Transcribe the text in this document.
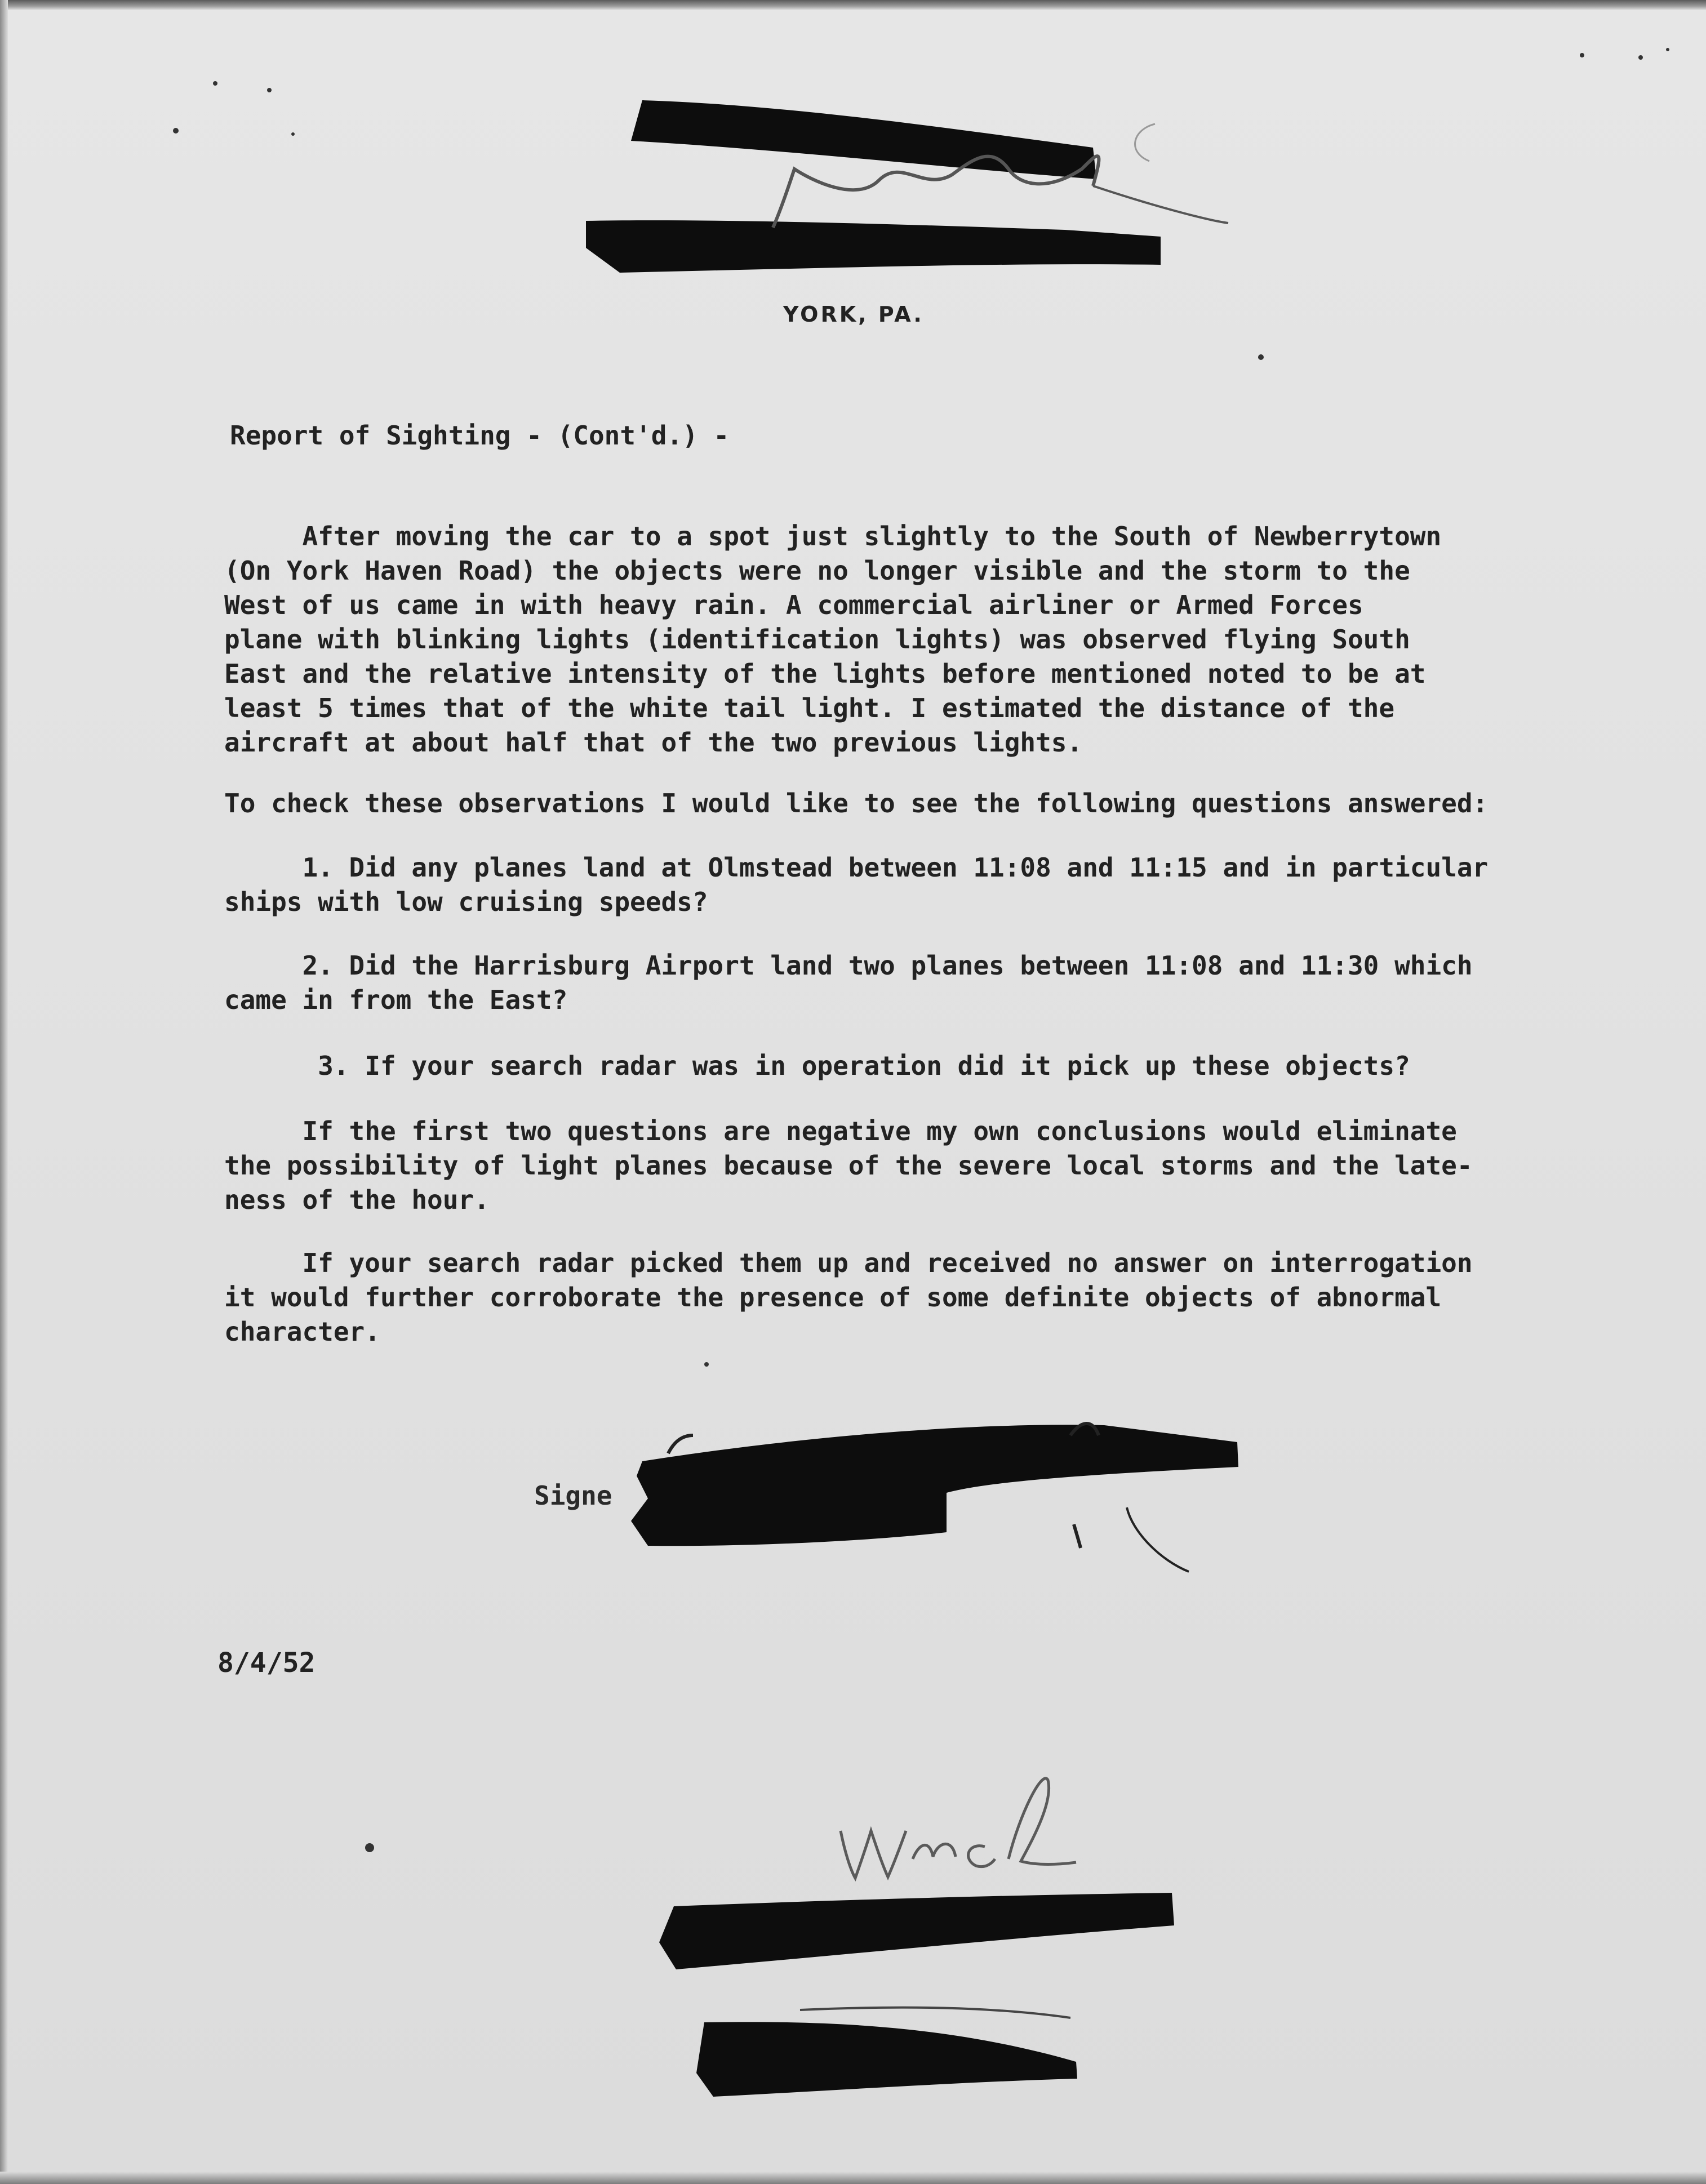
YORK, PA.
Report of Sighting - (Cont'd.) -
After moving the car to a spot just slightly to the South of Newberrytown
(On York Haven Road) the objects were no longer visible and the storm to the
West of us came in with heavy rain. A commercial airliner or Armed Forces
plane with blinking lights (identification lights) was observed flying South
East and the relative intensity of the lights before mentioned noted to be at
least 5 times that of the white tail light. I estimated the distance of the
aircraft at about half that of the two previous lights.
To check these observations I would like to see the following questions answered:
1. Did any planes land at Olmstead between 11:08 and 11:15 and in particular
ships with low cruising speeds?
2. Did the Harrisburg Airport land two planes between 11:08 and 11:30 which
came in from the East?
3. If your search radar was in operation did it pick up these objects?
If the first two questions are negative my own conclusions would eliminate
the possibility of light planes because of the severe local storms and the late-
ness of the hour.
If your search radar picked them up and received no answer on interrogation
it would further corroborate the presence of some definite objects of abnormal
character.
Signe
8/4/52
